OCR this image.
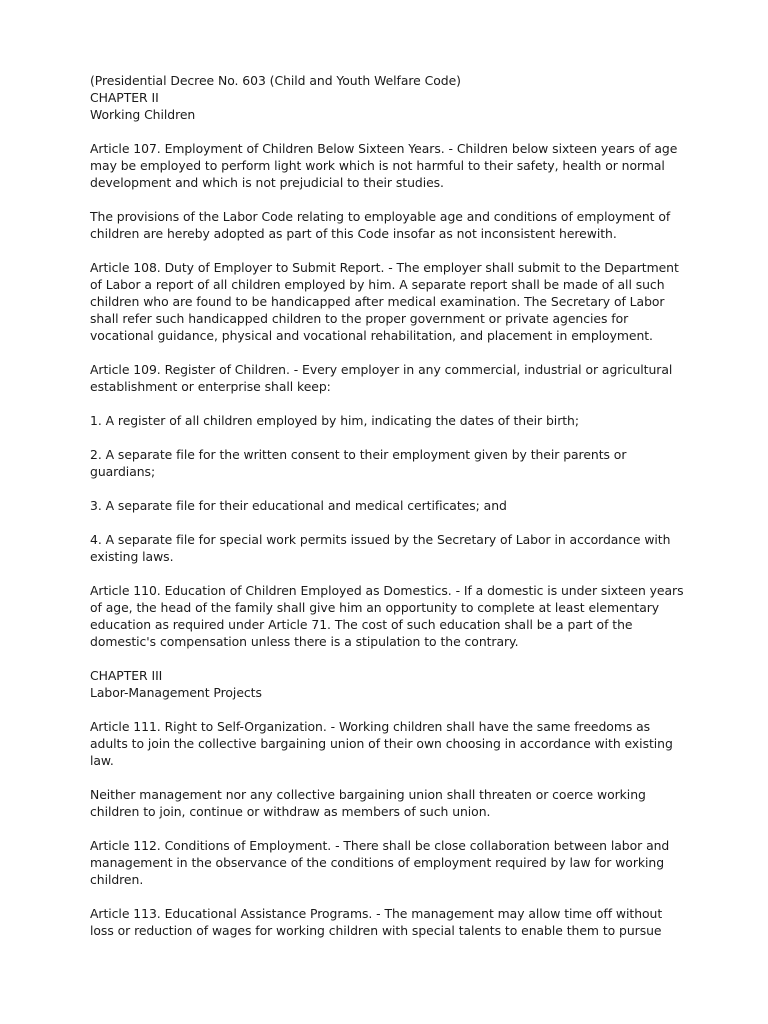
(Presidential Decree No. 603 (Child and Youth Welfare Code)
CHAPTER II
Working Children
Article 107. Employment of Children Below Sixteen Years. - Children below sixteen years of age
may be employed to perform light work which is not harmful to their safety, health or normal
development and which is not prejudicial to their studies.
The provisions of the Labor Code relating to employable age and conditions of employment of
children are hereby adopted as part of this Code insofar as not inconsistent herewith.
Article 108. Duty of Employer to Submit Report. - The employer shall submit to the Department
of Labor a report of all children employed by him. A separate report shall be made of all such
children who are found to be handicapped after medical examination. The Secretary of Labor
shall refer such handicapped children to the proper government or private agencies for
vocational guidance, physical and vocational rehabilitation, and placement in employment.
Article 109. Register of Children. - Every employer in any commercial, industrial or agricultural
establishment or enterprise shall keep:
1. A register of all children employed by him, indicating the dates of their birth;
2. A separate file for the written consent to their employment given by their parents or
guardians;
3. A separate file for their educational and medical certificates; and
4. A separate file for special work permits issued by the Secretary of Labor in accordance with
existing laws.
Article 110. Education of Children Employed as Domestics. - If a domestic is under sixteen years
of age, the head of the family shall give him an opportunity to complete at least elementary
education as required under Article 71. The cost of such education shall be a part of the
domestic's compensation unless there is a stipulation to the contrary.
CHAPTER III
Labor-Management Projects
Article 111. Right to Self-Organization. - Working children shall have the same freedoms as
adults to join the collective bargaining union of their own choosing in accordance with existing
law.
Neither management nor any collective bargaining union shall threaten or coerce working
children to join, continue or withdraw as members of such union.
Article 112. Conditions of Employment. - There shall be close collaboration between labor and
management in the observance of the conditions of employment required by law for working
children.
Article 113. Educational Assistance Programs. - The management may allow time off without
loss or reduction of wages for working children with special talents to enable them to pursue
